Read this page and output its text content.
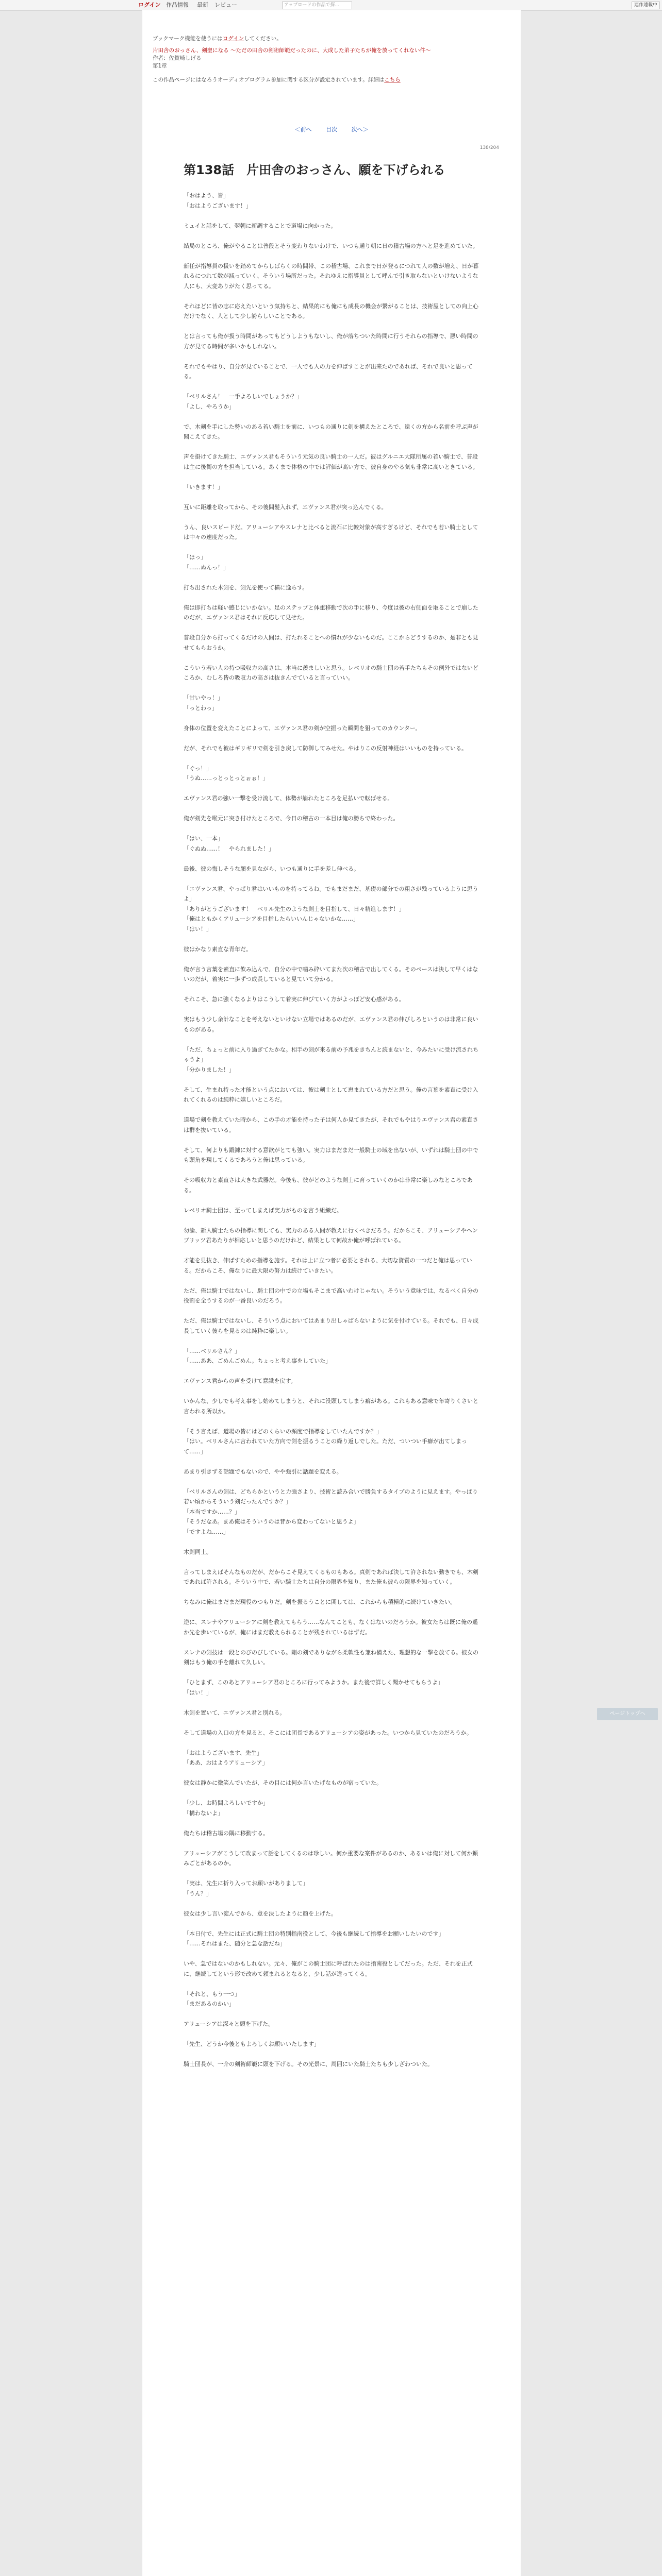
ログイン 作品情報	最新	レビュー	アップロードの作品で探...	連作連載中
ブックマーク機能を使うにはログインしてください。
片田舎のおっさん、剣聖になる 〜ただの田舎の剣術師範だったのに、大成した弟子たちが俺を放ってくれない件〜
作者：佐賀崎しげる
第1章
この作品ページにはなろうオーディオブログラム参加に関する区分が設定されています。詳細はこちら
＜前へ	目次	次へ＞
138/204
第138話　片田舎のおっさん、願を下げられる

「おはよう、皆」
「おはようございます！」

ミュイと話をして、翌朝に新調することで道場に向かった。

結局のところ、俺がやることは普段とそう変わりないわけで、いつも通り朝に日の稽古場の方へと足を進めていた。

新任が指導員の扱いを踏めてからしばらくの時間帯、この稽古場、これまで日が登るにつれて人の数が増え、日が暮れるにつれて数が減っていく、そういう場所だった。それゆえに指導員として呼んで引き取らないといけないような人にも、大変ありがたく思ってる。

それほどに皆の志に応えたいという気持ちと、結果的にも俺にも成長の機会が繋がることは、技術屋としての向上心だけでなく、人として少し誇らしいことである。

とは言っても俺が扱う時間があってもどうしようもないし、俺が落ちついた時間に行うそれらの指導で、悪い時間の方が見てる時間が多いかもしれない。

それでもやはり、自分が見ていることで、一人でも人の力を伸ばすことが出来たのであれば、それで良いと思ってる。

「ベリルさん！　一手よろしいでしょうか？」
「よし、やろうか」

で、木剣を手にした勢いのある若い騎士を前に、いつもの通りに剣を構えたところで、遠くの方から名前を呼ぶ声が聞こえてきた。

声を掛けてきた騎士、エヴァンス君もそういう元気の良い騎士の一人だ。彼はグルニエ大隊所属の若い騎士で、普段は主に後衛の方を担当している。あくまで体格の中では評価が高い方で、彼自身のやる気も非常に高いときている。

「いきます！」

互いに距離を取ってから、その後間髪入れず、エヴァンス君が突っ込んでくる。

うん、良いスピードだ。アリューシアやスレナと比べると流石に比較対象が高すぎるけど、それでも若い騎士としては中々の速度だった。

「ほっ」
「……ぬんっ！」

打ち出された木剣を、剣先を使って横に逸らす。

俺は即打ちは軽い感じにいかない。足のステップと体重移動で次の手に移り、今度は彼の右側面を取ることで崩したのだが、エヴァンス君はそれに反応して見せた。

普段自分から打ってくるだけの人間は、打たれることへの慣れが少ないものだ。ここからどうするのか、是非とも見せてもらおうか。

こういう若い人の持つ吸収力の高さは、本当に羨ましいと思う。レベリオの騎士団の若手たちもその例外ではないどころか、むしろ皆の吸収力の高さは抜きんでていると言っていい。

「甘いやっ！」
「っとわっ」

身体の位置を変えたことによって、エヴァンス君の剣が空振った瞬間を狙ってのカウンター。

だが、それでも彼はギリギリで剣を引き戻して防御してみせた。やはりこの反射神経はいいものを持っている。

「ぐっ！」
「うぬ……っとっとっとぉぉ！」

エヴァンス君の強い一撃を受け流して、体勢が崩れたところを足払いで転ばせる。

俺が剣先を喉元に突き付けたところで、今日の稽古の一本目は俺の勝ちで終わった。

「はい、一本」
「ぐぬぬ……！　やられました！」

最後、彼の悔しそうな顔を見ながら、いつも通りに手を差し伸べる。

「エヴァンス君、やっぱり君はいいものを持ってるね。でもまだまだ、基礎の部分での粗さが残っているように思うよ」
「ありがとうございます！　ベリル先生のような剣士を目指して、日々精進します！」
「俺はともかくアリューシアを目指したらいいんじゃないかな……」
「はい！」

彼はかなり素直な青年だ。

俺が言う言葉を素直に飲み込んで、自分の中で噛み砕いてまた次の稽古で出してくる。そのペースは決して早くはないのだが、着実に一歩ずつ成長していると見ていて分かる。

それこそ、急に強くなるよりはこうして着実に伸びていく方がよっぽど安心感がある。

実はもう少し余計なことを考えないといけない立場ではあるのだが、エヴァンス君の伸びしろというのは非常に良いものがある。

「ただ、ちょっと前に入り過ぎてたかな。相手の剣が来る前の予兆をきちんと読まないと、今みたいに受け流されちゃうよ」
「分かりました！」

そして、生まれ持った才能という点においては、彼は剣士として恵まれている方だと思う。俺の言葉を素直に受け入れてくれるのは純粋に嬉しいところだ。

道場で剣を教えていた時から、この手の才能を持った子は何人か見てきたが、それでもやはりエヴァンス君の素直さは群を抜いている。

そして、何よりも鍛錬に対する意欲がとても強い。実力はまだまだ一般騎士の域を出ないが、いずれは騎士団の中でも頭角を現してくるであろうと俺は思っている。

その吸収力と素直さは大きな武器だ。今後も、彼がどのような剣士に育っていくのかは非常に楽しみなところである。

レベリオ騎士団は、至ってしまえば実力がものを言う組織だ。

勿論、新人騎士たちの指導に関しても、実力のある人間が教えに行くべきだろう。だからこそ、アリューシアやヘンブリッツ君あたりが相応しいと思うのだけれど、結果として何故か俺が呼ばれている。

才能を見抜き、伸ばすための指導を施す。それは上に立つ者に必要とされる、大切な資質の一つだと俺は思っている。だからこそ、俺なりに最大限の努力は続けていきたい。

ただ、俺は騎士ではないし、騎士団の中での立場もそこまで高いわけじゃない。そういう意味では、なるべく自分の役割を全うするのが一番良いのだろう。

ただ、俺は騎士ではないし、そういう点においてはあまり出しゃばらないように気を付けている。それでも、日々成長していく彼らを見るのは純粋に楽しい。

「……ベリルさん？」
「……ああ、ごめんごめん。ちょっと考え事をしていた」

エヴァンス君からの声を受けて意識を戻す。

いかんな、少しでも考え事をし始めてしまうと、それに没頭してしまう癖がある。これもある意味で年寄りくさいと言われる所以か。

「そう言えば、道場の皆にはどのくらいの頻度で指導をしていたんですか？」
「はい。ベリルさんに言われていた方向で剣を振るうことの繰り返しでした。ただ、ついつい手癖が出てしまって……」

あまり引きずる話題でもないので、やや強引に話題を変える。

「ベリルさんの剣は、どちらかというと力強さより、技術と読み合いで勝負するタイプのように見えます。やっぱり若い頃からそういう剣だったんですか？」
「本当ですか……？」
「そうだなあ。まあ俺はそういうのは昔から変わってないと思うよ」
「ですよね……」

木剣同士。

言ってしまえばそんなものだが、だからこそ見えてくるものもある。真剣であれば決して許されない動きでも、木剣であれば許される。そういう中で、若い騎士たちは自分の限界を知り、また俺も彼らの限界を知っていく。

ちなみに俺はまだまだ現役のつもりだ。剣を振るうことに関しては、これからも積極的に続けていきたい。

逆に、スレナやアリューシアに剣を教えてもらう……なんてことも、なくはないのだろうか。彼女たちは既に俺の遥か先を歩いているが、俺にはまだ教えられることが残されているはずだ。

スレナの剣技は一段とのびのびしている。剛の剣でありながら柔軟性も兼ね備えた、理想的な一撃を放てる。彼女の剣はもう俺の手を離れて久しい。

「ひとまず、このあとアリューシア君のところに行ってみようか。また後で詳しく聞かせてもらうよ」
「はい！」

木剣を置いて、エヴァンス君と別れる。

そして道場の入口の方を見ると、そこには団長であるアリューシアの姿があった。いつから見ていたのだろうか。

「おはようございます、先生」
「ああ、おはようアリューシア」

彼女は静かに微笑んでいたが、その目には何か言いたげなものが宿っていた。

「少し、お時間よろしいですか」
「構わないよ」

俺たちは稽古場の隅に移動する。

アリューシアがこうして改まって話をしてくるのは珍しい。何か重要な案件があるのか、あるいは俺に対して何か頼みごとがあるのか。

「実は、先生に折り入ってお願いがありまして」
「うん？」

彼女は少し言い淀んでから、意を決したように顔を上げた。

「本日付で、先生には正式に騎士団の特別指南役として、今後も継続して指導をお願いしたいのです」
「……それはまた、随分と急な話だね」

いや、急ではないのかもしれない。元々、俺がこの騎士団に呼ばれたのは指南役としてだった。ただ、それを正式に、継続してという形で改めて頼まれるとなると、少し話が違ってくる。

「それと、もう一つ」
「まだあるのかい」

アリューシアは深々と頭を下げた。

「先生、どうか今後ともよろしくお願いいたします」

騎士団長が、一介の剣術師範に頭を下げる。その光景に、周囲にいた騎士たちも少しざわついた。

ページトップへ
